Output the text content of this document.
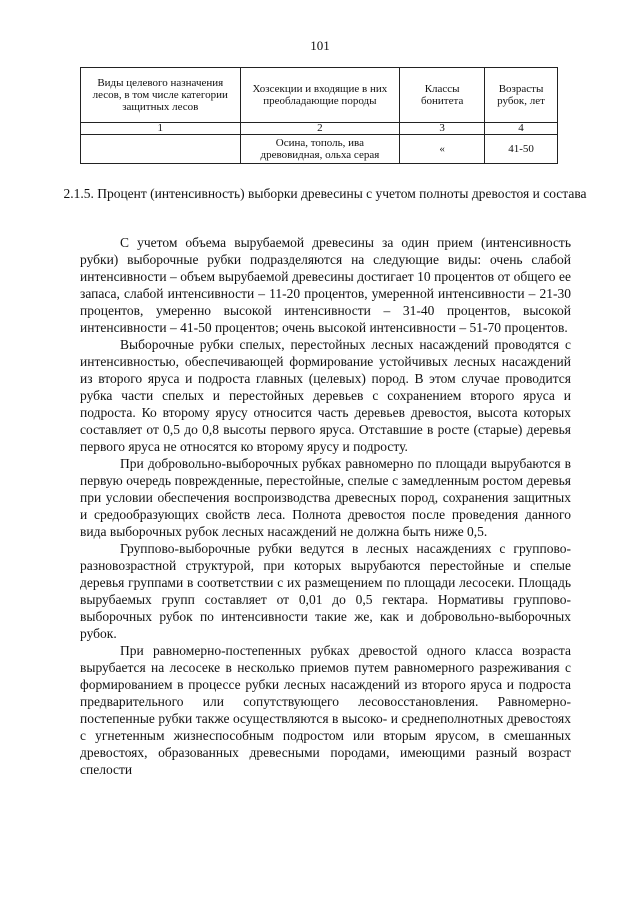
101
Виды целевого назначения лесов, в том числе категории защитных лесов	Хозсекции и входящие в них преобладающие породы	Классы бонитета	Возрасты рубок, лет
1	2	3	4
	Осина, тополь, ива древовидная, ольха серая	«	41-50
2.1.5. Процент (интенсивность) выборки древесины с учетом полноты древостоя и состава

С учетом объема вырубаемой древесины за один прием (интенсивность рубки) выборочные рубки подразделяются на следующие виды: очень слабой интенсивности – объем вырубаемой древесины достигает 10 процентов от общего ее запаса, слабой интенсивности – 11-20 процентов, умеренной интенсивности – 21-30 процентов, умеренно высокой интенсивности – 31-40 процентов, высокой интенсивности – 41-50 процентов; очень высокой интенсивности – 51-70 процентов.

Выборочные рубки спелых, перестойных лесных насаждений проводятся с интенсивностью, обеспечивающей формирование устойчивых лесных насаждений из второго яруса и подроста главных (целевых) пород. В этом случае проводится рубка части спелых и перестойных деревьев с сохранением второго яруса и подроста. Ко второму ярусу относится часть деревьев древостоя, высота которых составляет от 0,5 до 0,8 высоты первого яруса. Отставшие в росте (старые) деревья первого яруса не относятся ко второму ярусу и подросту.

При добровольно-выборочных рубках равномерно по площади вырубаются в первую очередь поврежденные, перестойные, спелые с замедленным ростом деревья при условии обеспечения воспроизводства древесных пород, сохранения защитных и средообразующих свойств леса. Полнота древостоя после проведения данного вида выборочных рубок лесных насаждений не должна быть ниже 0,5.

Группово-выборочные рубки ведутся в лесных насаждениях с группово-разновозрастной структурой, при которых вырубаются перестойные и спелые деревья группами в соответствии с их размещением по площади лесосеки. Площадь вырубаемых групп составляет от 0,01 до 0,5 гектара. Нормативы группово-выборочных рубок по интенсивности такие же, как и добровольно-выборочных рубок.

При равномерно-постепенных рубках древостой одного класса возраста вырубается на лесосеке в несколько приемов путем равномерного разреживания с формированием в процессе рубки лесных насаждений из второго яруса и подроста предварительного или сопутствующего лесовосстановления. Равномерно-постепенные рубки также осуществляются в высоко- и среднеполнотных древостоях с угнетенным жизнеспособным подростом или вторым ярусом, в смешанных древостоях, образованных древесными породами, имеющими разный возраст спелости
